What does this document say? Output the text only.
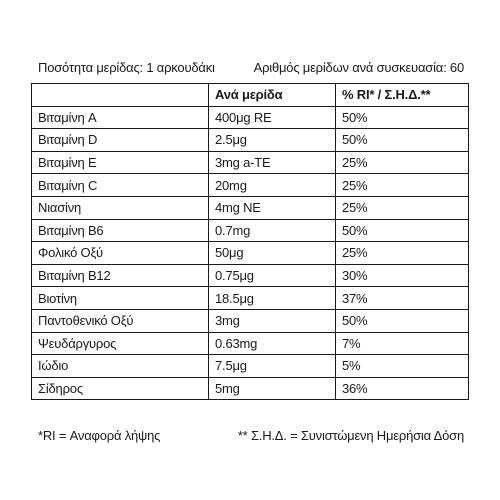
Ποσότητα μερίδας: 1 αρκουδάκι	Αριθμός μερίδων ανά συσκευασία: 60
	Ανά μερίδα	% RI* / Σ.Η.Δ.**
Βιταμίνη A	400μg RE	50%
Βιταμίνη D	2.5μg	50%
Βιταμίνη E	3mg a-TE	25%
Βιταμίνη C	20mg	25%
Νιασίνη	4mg NE	25%
Βιταμίνη B6	0.7mg	50%
Φολικό Οξύ	50μg	25%
Βιταμίνη B12	0.75μg	30%
Βιοτίνη	18.5μg	37%
Παντοθενικό Οξύ	3mg	50%
Ψευδάργυρος	0.63mg	7%
Ιώδιο	7.5μg	5%
Σίδηρος	5mg	36%
*RI = Αναφορά λήψης	** Σ.Η.Δ. = Συνιστώμενη Ημερήσια Δόση
